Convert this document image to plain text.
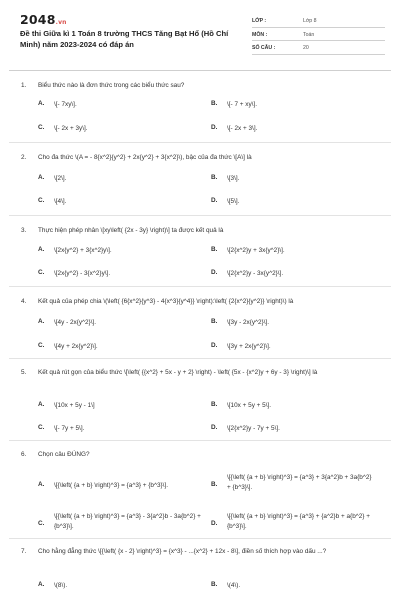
2048.vn
Đề thi Giữa kì 1 Toán 8 trường THCS Tăng Bạt Hổ (Hồ Chí Minh) năm 2023-2024 có đáp án
LỚP :	Lớp 8
MÔN :	Toán
SỐ CÂU :	20
1. Biểu thức nào là đơn thức trong các biểu thức sau?
A. \[- 7xy\].	B. \[- 7 + xy\].
C. \[- 2x + 3y\].	D. \[- 2x + 3\].
2. Cho đa thức \(A = - 8{x^2}{y^2} + 2x{y^2} + 3{x^2}\), bậc của đa thức \[A\] là
A. \[2\].	B. \[3\].
C. \[4\].	D. \[5\].
3. Thực hiện phép nhân \[xy\left( {2x - 3y} \right)\] ta được kết quả là
A. \[2x{y^2} + 3{x^2}y\].	B. \[2{x^2}y + 3x{y^2}\].
C. \[2x{y^2} - 3{x^2}y\].	D. \[2{x^2}y - 3x{y^2}\].
4. Kết quả của phép chia \(\left( {6{x^2}{y^3} - 4{x^3}{y^4}} \right):\left( {2{x^2}{y^2}} \right)\) là
A. \[4y - 2x{y^2}\].	B. \[3y - 2x{y^2}\].
C. \[4y + 2x{y^2}\].	D. \[3y + 2x{y^2}\].
5. Kết quả rút gọn của biểu thức \[\left( {{x^2} + 5x - y + 2} \right) - \left( {5x - {x^2}y + 6y - 3} \right)\] là
A. \[10x + 5y - 1\]	B. \[10x + 5y + 5\].
C. \[- 7y + 5\].	D. \[2{x^2}y - 7y + 5\].
6. Chọn câu ĐÚNG?
A. \[{\left( {a + b} \right)^3} = {a^3} + {b^3}\].	B.
\[{\left( {a + b} \right)^3} = {a^3} + 3{a^2}b + 3a{b^2} + {b^3}\].
C.
\[{\left( {a + b} \right)^3} = {a^3} - 3{a^2}b - 3a{b^2} + {b^3}\].	D.
\[{\left( {a + b} \right)^3} = {a^3} + {a^2}b + a{b^2} + {b^3}\].
7. Cho hằng đẳng thức \[{\left( {x - 2} \right)^3} = {x^3} - ...{x^2} + 12x - 8\], điền số thích hợp vào dấu ...?
A. \(8\).	B. \(4\).
